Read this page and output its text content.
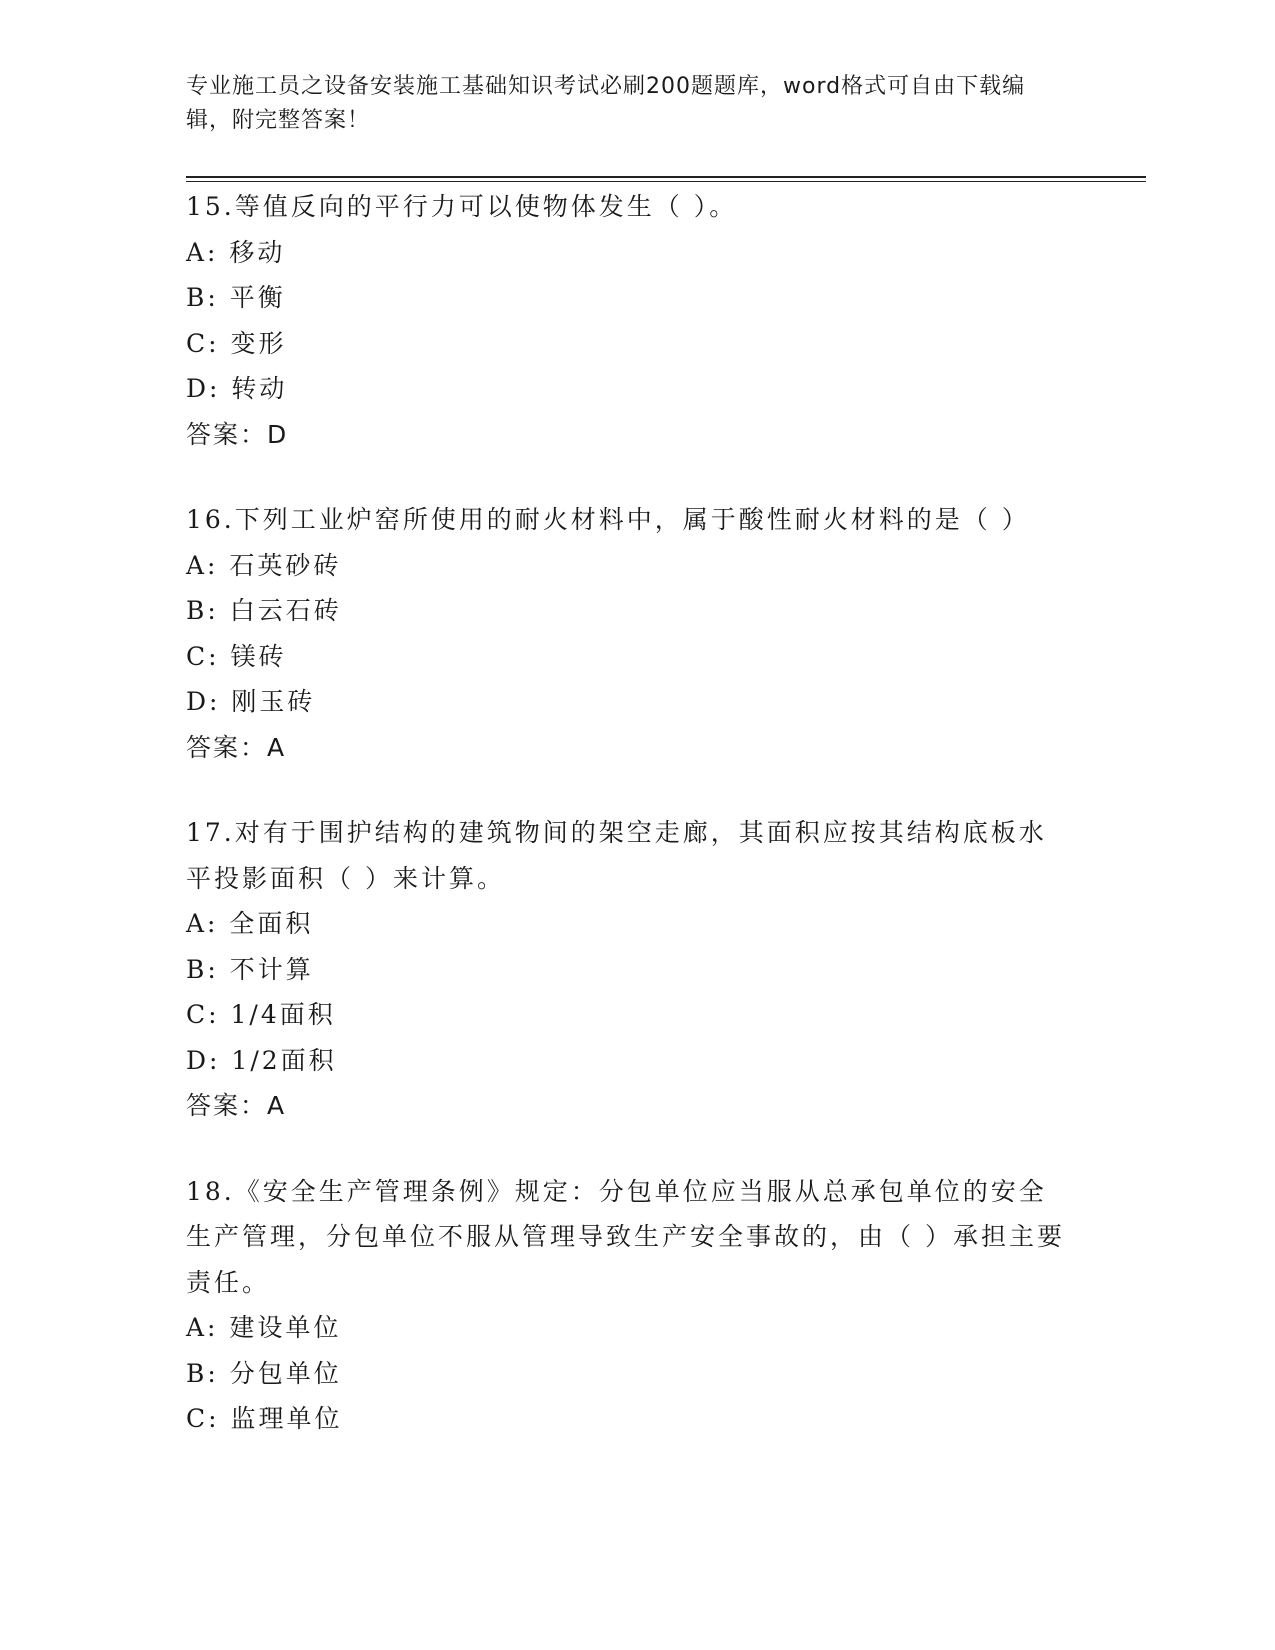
专业施工员之设备安装施工基础知识考试必刷200题题库，word格式可自由下载编辑，附完整答案！

15.等值反向的平行力可以使物体发生（ ）。

A: 移动

B: 平衡

C: 变形

D: 转动

答案：D

16.下列工业炉窑所使用的耐火材料中，属于酸性耐火材料的是（ ）

A: 石英砂砖

B: 白云石砖

C: 镁砖

D: 刚玉砖

答案：A

17.对有于围护结构的建筑物间的架空走廊，其面积应按其结构底板水平投影面积（ ）来计算。

A: 全面积

B: 不计算

C: 1/4面积

D: 1/2面积

答案：A

18.《安全生产管理条例》规定：分包单位应当服从总承包单位的安全生产管理，分包单位不服从管理导致生产安全事故的，由（ ）承担主要责任。

A: 建设单位

B: 分包单位

C: 监理单位
